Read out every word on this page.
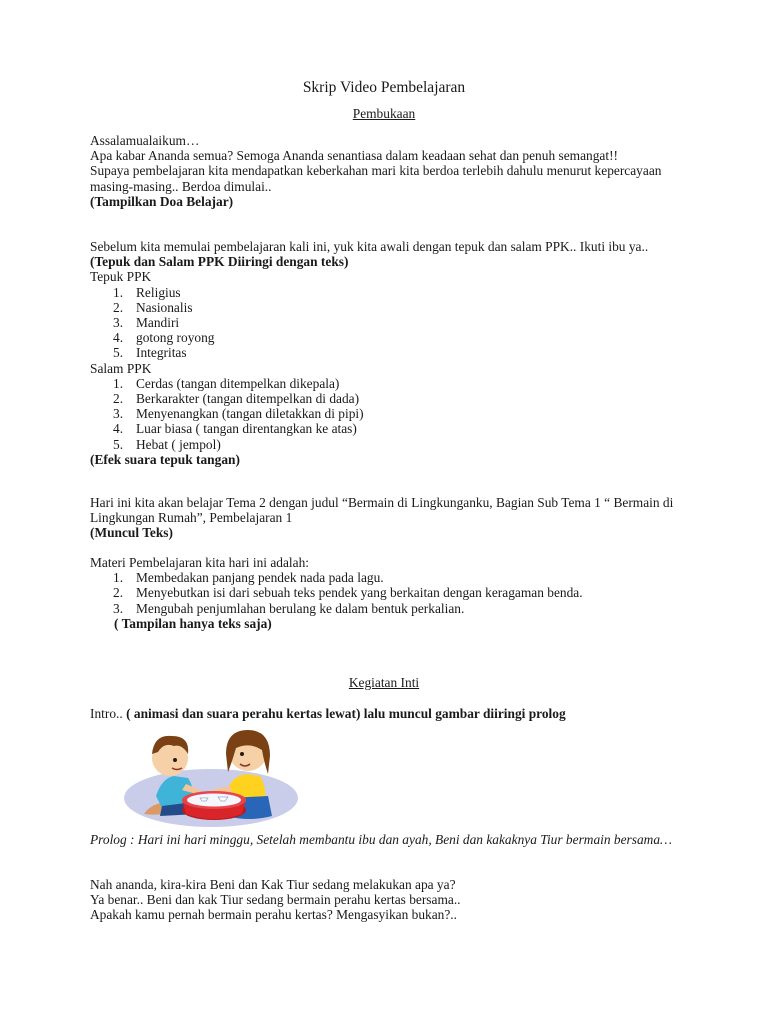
Skrip Video Pembelajaran
Pembukaan

Assalamualaikum…

Apa kabar Ananda semua? Semoga Ananda senantiasa dalam keadaan sehat dan penuh semangat!!

Supaya pembelajaran kita mendapatkan keberkahan mari kita berdoa terlebih dahulu menurut kepercayaan masing-masing.. Berdoa dimulai..

(Tampilkan Doa Belajar)

Sebelum kita memulai pembelajaran kali ini, yuk kita awali dengan tepuk dan salam PPK.. Ikuti ibu ya..

(Tepuk dan Salam PPK Diiringi dengan teks)

Tepuk PPK

1. Religius
2. Nasionalis
3. Mandiri
4. gotong royong
5. Integritas

Salam PPK

1. Cerdas (tangan ditempelkan dikepala)
2. Berkarakter (tangan ditempelkan di dada)
3. Menyenangkan (tangan diletakkan di pipi)
4. Luar biasa ( tangan direntangkan ke atas)
5. Hebat ( jempol)

(Efek suara tepuk tangan)

Hari ini kita akan belajar Tema 2 dengan judul “Bermain di Lingkunganku, Bagian Sub Tema 1 “ Bermain di Lingkungan Rumah”, Pembelajaran 1

(Muncul Teks)

Materi Pembelajaran kita hari ini adalah:

1. Membedakan panjang pendek nada pada lagu.
2. Menyebutkan isi dari sebuah teks pendek yang berkaitan dengan keragaman benda.
3. Mengubah penjumlahan berulang ke dalam bentuk perkalian.

( Tampilan hanya teks saja)

Kegiatan Inti
Intro.. ( animasi dan suara perahu kertas lewat) lalu muncul gambar diiringi prolog

Prolog : Hari ini hari minggu, Setelah membantu ibu dan ayah, Beni dan kakaknya Tiur bermain bersama…

Nah ananda, kira-kira Beni dan Kak Tiur sedang melakukan apa ya?

Ya benar.. Beni dan kak Tiur sedang bermain perahu kertas bersama..

Apakah kamu pernah bermain perahu kertas? Mengasyikan bukan?..
